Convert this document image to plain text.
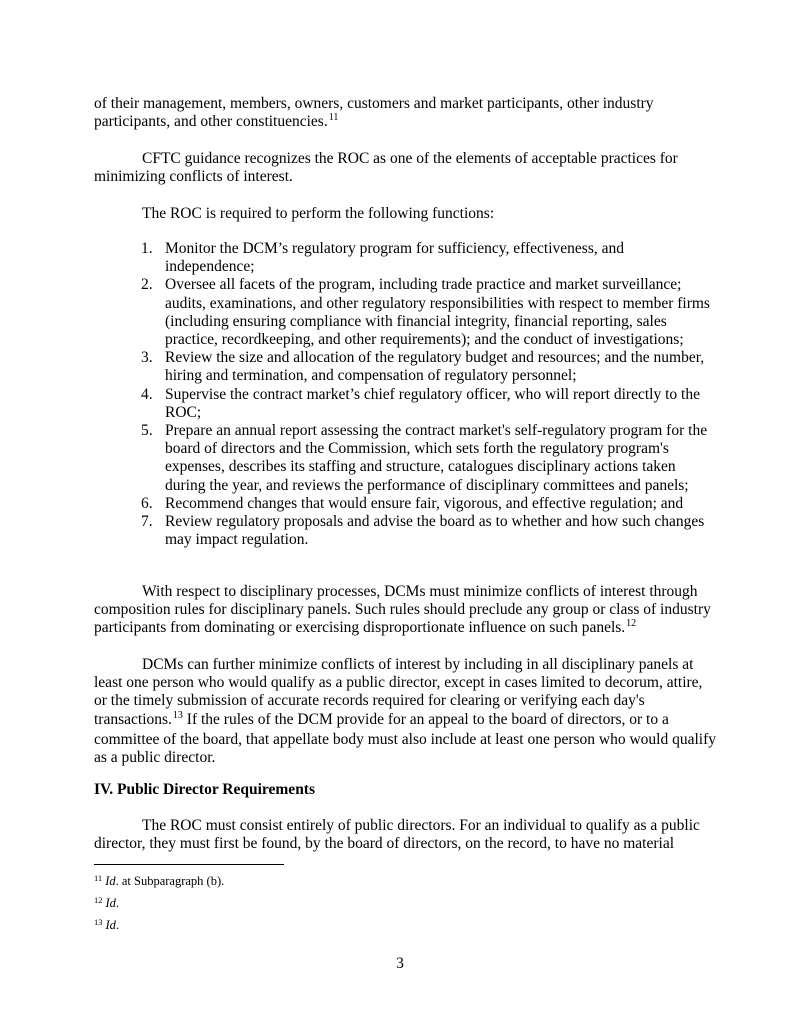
of their management, members, owners, customers and market participants, other industry participants, and other constituencies.$^{11}$

CFTC guidance recognizes the ROC as one of the elements of acceptable practices for minimizing conflicts of interest.

The ROC is required to perform the following functions:

1. Monitor the DCM’s regulatory program for sufficiency, effectiveness, and independence;
2. Oversee all facets of the program, including trade practice and market surveillance; audits, examinations, and other regulatory responsibilities with respect to member firms (including ensuring compliance with financial integrity, financial reporting, sales practice, recordkeeping, and other requirements); and the conduct of investigations;
3. Review the size and allocation of the regulatory budget and resources; and the number, hiring and termination, and compensation of regulatory personnel;
4. Supervise the contract market’s chief regulatory officer, who will report directly to the ROC;
5. Prepare an annual report assessing the contract market's self-regulatory program for the board of directors and the Commission, which sets forth the regulatory program's expenses, describes its staffing and structure, catalogues disciplinary actions taken during the year, and reviews the performance of disciplinary committees and panels;
6. Recommend changes that would ensure fair, vigorous, and effective regulation; and
7. Review regulatory proposals and advise the board as to whether and how such changes may impact regulation.

With respect to disciplinary processes, DCMs must minimize conflicts of interest through composition rules for disciplinary panels. Such rules should preclude any group or class of industry participants from dominating or exercising disproportionate influence on such panels.$^{12}$

DCMs can further minimize conflicts of interest by including in all disciplinary panels at least one person who would qualify as a public director, except in cases limited to decorum, attire, or the timely submission of accurate records required for clearing or verifying each day's transactions.$^{13}$ If the rules of the DCM provide for an appeal to the board of directors, or to a committee of the board, that appellate body must also include at least one person who would qualify as a public director.

IV. Public Director Requirements

The ROC must consist entirely of public directors. For an individual to qualify as a public director, they must first be found, by the board of directors, on the record, to have no material

$^{11}$ Id. at Subparagraph (b).
$^{12}$ Id.
$^{13}$ Id.
3
